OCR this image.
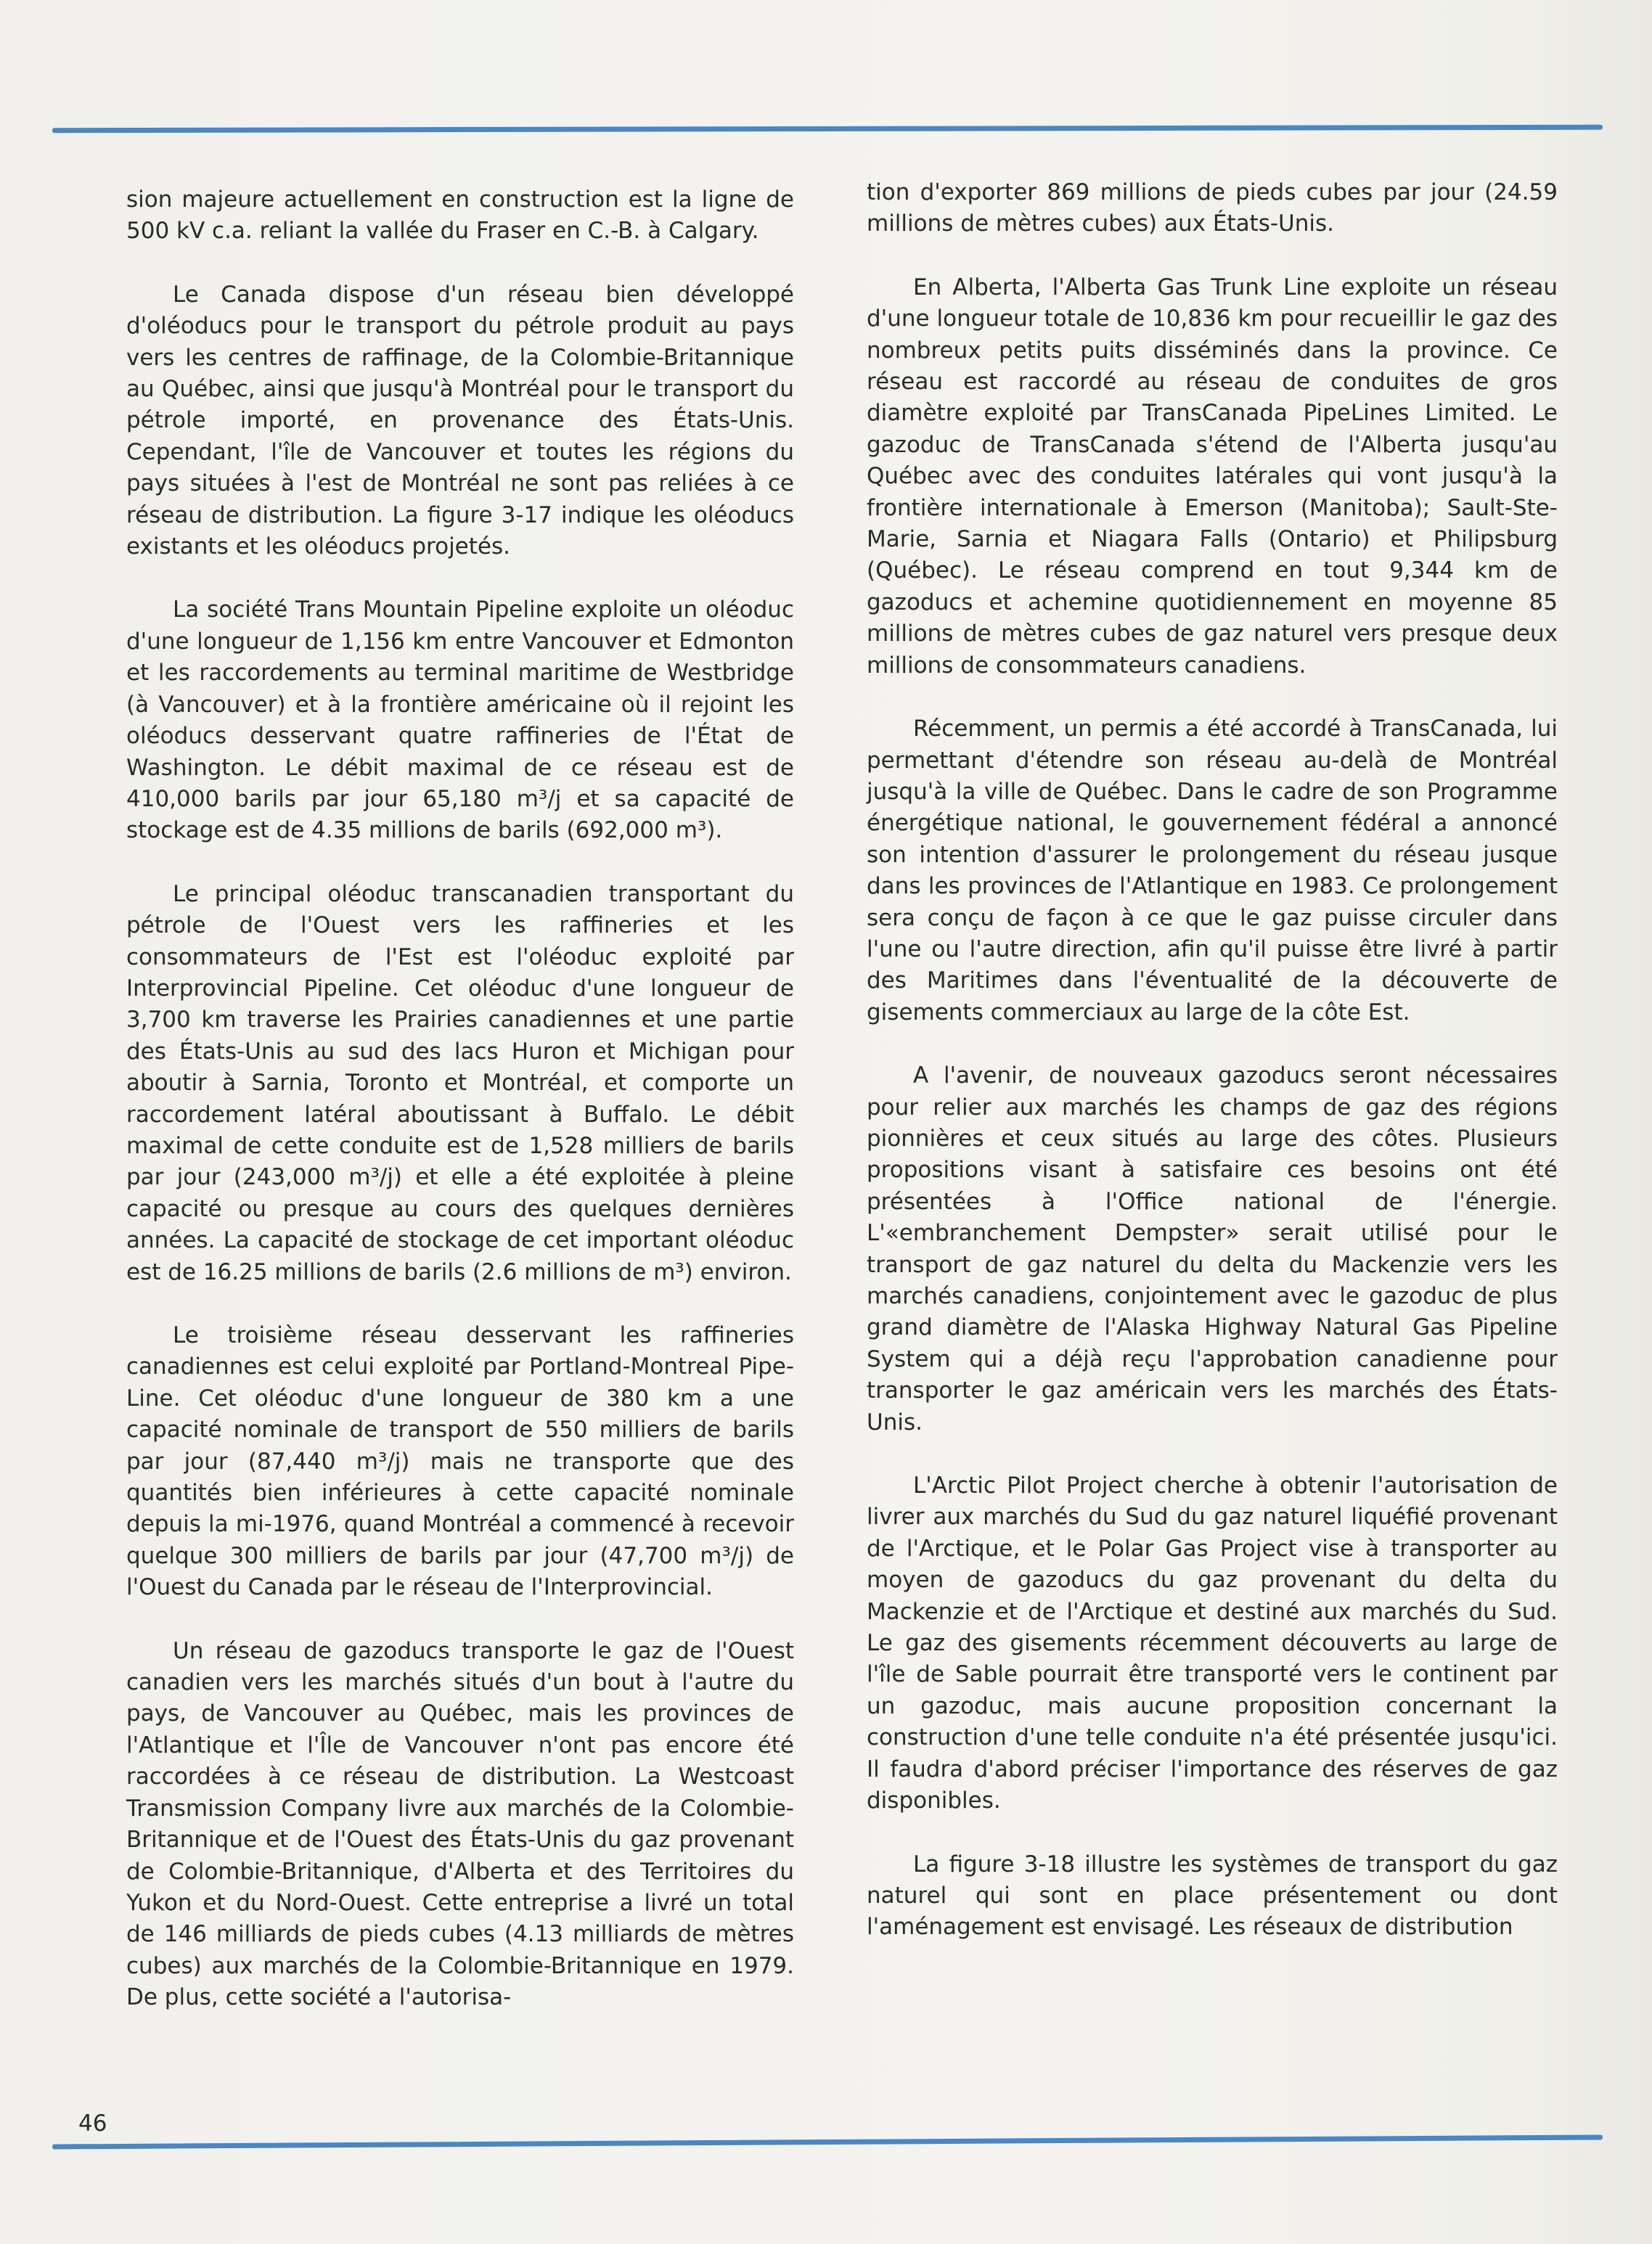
sion majeure actuellement en construction est la ligne de 500 kV c.a. reliant la vallée du Fraser en C.-B. à Calgary.

Le Canada dispose d'un réseau bien développé d'oléoducs pour le transport du pétrole produit au pays vers les centres de raffinage, de la Colombie-Britannique au Québec, ainsi que jusqu'à Montréal pour le transport du pétrole importé, en provenance des États-Unis. Cependant, l'île de Vancouver et toutes les régions du pays situées à l'est de Montréal ne sont pas reliées à ce réseau de distribution. La figure 3-17 indique les oléoducs existants et les oléoducs projetés.

La société Trans Mountain Pipeline exploite un oléoduc d'une longueur de 1,156 km entre Vancouver et Edmonton et les raccordements au terminal maritime de Westbridge (à Vancouver) et à la frontière américaine où il rejoint les oléoducs desservant quatre raffineries de l'État de Washington. Le débit maximal de ce réseau est de 410,000 barils par jour 65,180 m³/j et sa capacité de stockage est de 4.35 millions de barils (692,000 m³).

Le principal oléoduc transcanadien transportant du pétrole de l'Ouest vers les raffineries et les consommateurs de l'Est est l'oléoduc exploité par Interprovincial Pipeline. Cet oléoduc d'une longueur de 3,700 km traverse les Prairies canadiennes et une partie des États-Unis au sud des lacs Huron et Michigan pour aboutir à Sarnia, Toronto et Montréal, et comporte un raccordement latéral aboutissant à Buffalo. Le débit maximal de cette conduite est de 1,528 milliers de barils par jour (243,000 m³/j) et elle a été exploitée à pleine capacité ou presque au cours des quelques dernières années. La capacité de stockage de cet important oléoduc est de 16.25 millions de barils (2.6 millions de m³) environ.

Le troisième réseau desservant les raffineries canadiennes est celui exploité par Portland-Montreal Pipe-Line. Cet oléoduc d'une longueur de 380 km a une capacité nominale de transport de 550 milliers de barils par jour (87,440 m³/j) mais ne transporte que des quantités bien inférieures à cette capacité nominale depuis la mi-1976, quand Montréal a commencé à recevoir quelque 300 milliers de barils par jour (47,700 m³/j) de l'Ouest du Canada par le réseau de l'Interprovincial.

Un réseau de gazoducs transporte le gaz de l'Ouest canadien vers les marchés situés d'un bout à l'autre du pays, de Vancouver au Québec, mais les provinces de l'Atlantique et l'Île de Vancouver n'ont pas encore été raccordées à ce réseau de distribution. La Westcoast Transmission Company livre aux marchés de la Colombie-Britannique et de l'Ouest des États-Unis du gaz provenant de Colombie-Britannique, d'Alberta et des Territoires du Yukon et du Nord-Ouest. Cette entreprise a livré un total de 146 milliards de pieds cubes (4.13 milliards de mètres cubes) aux marchés de la Colombie-Britannique en 1979. De plus, cette société a l'autorisa-

tion d'exporter 869 millions de pieds cubes par jour (24.59 millions de mètres cubes) aux États-Unis.

En Alberta, l'Alberta Gas Trunk Line exploite un réseau d'une longueur totale de 10,836 km pour recueillir le gaz des nombreux petits puits disséminés dans la province. Ce réseau est raccordé au réseau de conduites de gros diamètre exploité par TransCanada PipeLines Limited. Le gazoduc de TransCanada s'étend de l'Alberta jusqu'au Québec avec des conduites latérales qui vont jusqu'à la frontière internationale à Emerson (Manitoba); Sault-Ste-Marie, Sarnia et Niagara Falls (Ontario) et Philipsburg (Québec). Le réseau comprend en tout 9,344 km de gazoducs et achemine quotidiennement en moyenne 85 millions de mètres cubes de gaz naturel vers presque deux millions de consommateurs canadiens.

Récemment, un permis a été accordé à TransCanada, lui permettant d'étendre son réseau au-delà de Montréal jusqu'à la ville de Québec. Dans le cadre de son Programme énergétique national, le gouvernement fédéral a annoncé son intention d'assurer le prolongement du réseau jusque dans les provinces de l'Atlantique en 1983. Ce prolongement sera conçu de façon à ce que le gaz puisse circuler dans l'une ou l'autre direction, afin qu'il puisse être livré à partir des Maritimes dans l'éventualité de la découverte de gisements commerciaux au large de la côte Est.

A l'avenir, de nouveaux gazoducs seront nécessaires pour relier aux marchés les champs de gaz des régions pionnières et ceux situés au large des côtes. Plusieurs propositions visant à satisfaire ces besoins ont été présentées à l'Office national de l'énergie. L'«embranchement Dempster» serait utilisé pour le transport de gaz naturel du delta du Mackenzie vers les marchés canadiens, conjointement avec le gazoduc de plus grand diamètre de l'Alaska Highway Natural Gas Pipeline System qui a déjà reçu l'approbation canadienne pour transporter le gaz américain vers les marchés des États-Unis.

L'Arctic Pilot Project cherche à obtenir l'autorisation de livrer aux marchés du Sud du gaz naturel liquéfié provenant de l'Arctique, et le Polar Gas Project vise à transporter au moyen de gazoducs du gaz provenant du delta du Mackenzie et de l'Arctique et destiné aux marchés du Sud. Le gaz des gisements récemment découverts au large de l'île de Sable pourrait être transporté vers le continent par un gazoduc, mais aucune proposition concernant la construction d'une telle conduite n'a été présentée jusqu'ici. Il faudra d'abord préciser l'importance des réserves de gaz disponibles.

La figure 3-18 illustre les systèmes de transport du gaz naturel qui sont en place présentement ou dont l'aménagement est envisagé. Les réseaux de distribution

46
